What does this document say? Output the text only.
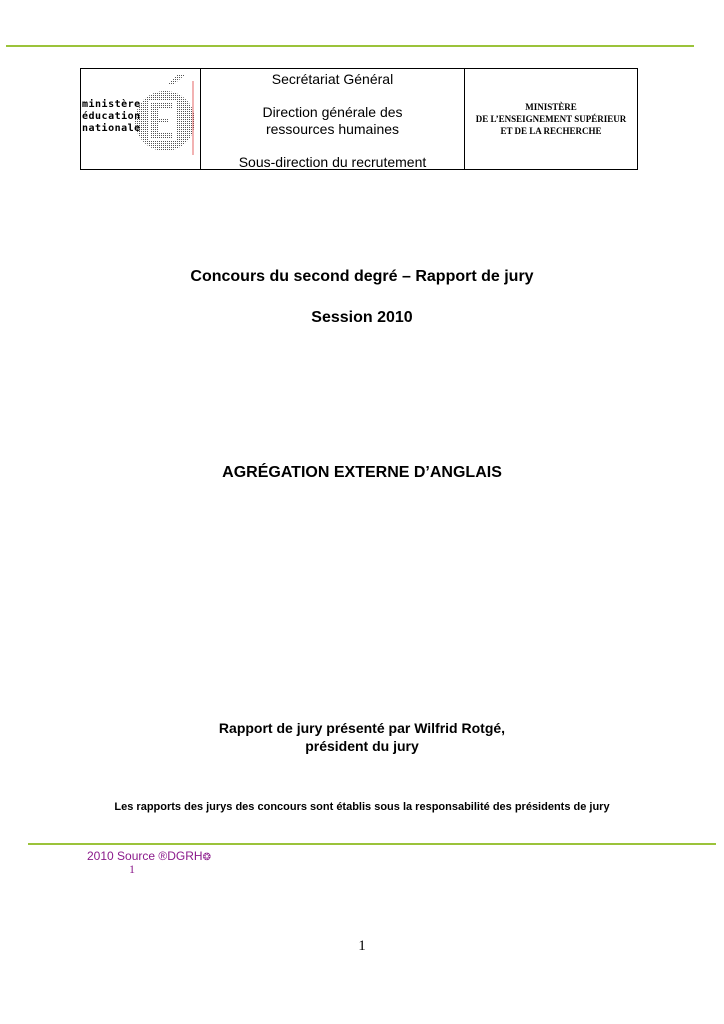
ministère
éducation
nationale
Secrétariat Général
Direction générale des
ressources humaines
Sous-direction du recrutement
MINISTÈRE
DE L’ENSEIGNEMENT SUPÉRIEUR
ET DE LA RECHERCHE
Concours du second degré – Rapport de jury
Session 2010
AGRÉGATION EXTERNE D’ANGLAIS
Rapport de jury présenté par Wilfrid Rotgé,
président du jury
Les rapports des jurys des concours sont établis sous la responsabilité des présidents de jury
2010 Source ®DGRH❂
1
1
